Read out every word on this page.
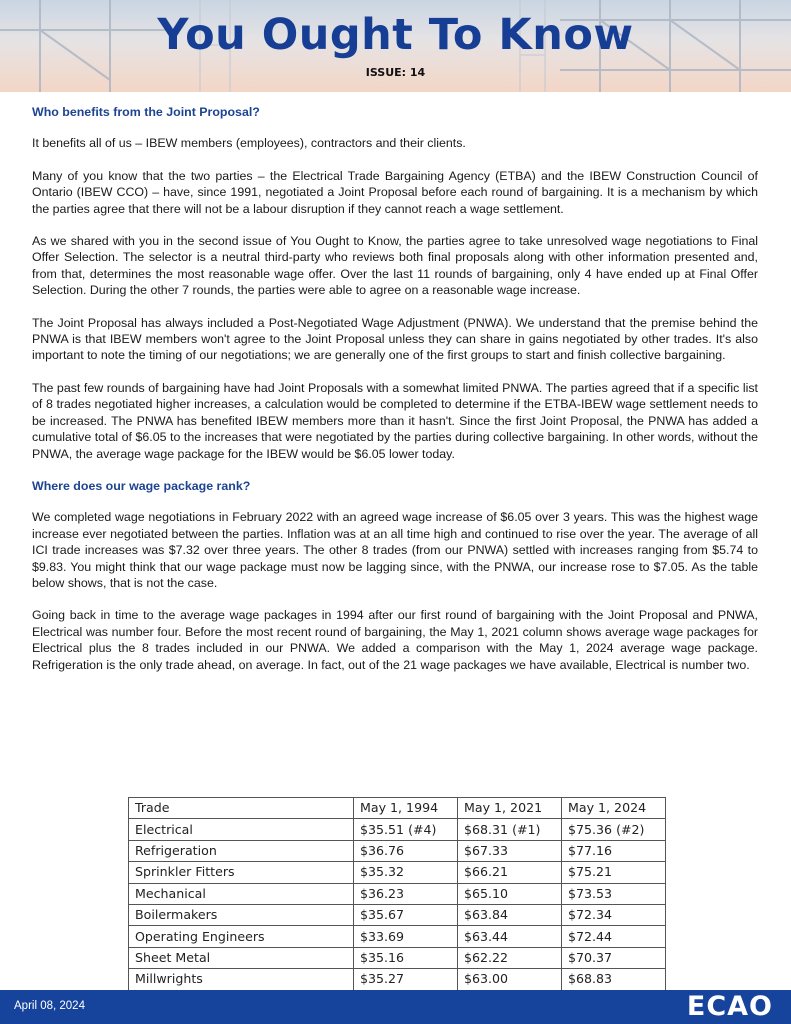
You Ought To Know
ISSUE: 14
Who benefits from the Joint Proposal?

It benefits all of us – IBEW members (employees), contractors and their clients.

Many of you know that the two parties – the Electrical Trade Bargaining Agency (ETBA) and the IBEW Construction Council of Ontario (IBEW CCO) – have, since 1991, negotiated a Joint Proposal before each round of bargaining. It is a mechanism by which the parties agree that there will not be a labour disruption if they cannot reach a wage settlement.

As we shared with you in the second issue of You Ought to Know, the parties agree to take unresolved wage negotiations to Final Offer Selection. The selector is a neutral third-party who reviews both final proposals along with other information presented and, from that, determines the most reasonable wage offer. Over the last 11 rounds of bargaining, only 4 have ended up at Final Offer Selection. During the other 7 rounds, the parties were able to agree on a reasonable wage increase.

The Joint Proposal has always included a Post-Negotiated Wage Adjustment (PNWA). We understand that the premise behind the PNWA is that IBEW members won't agree to the Joint Proposal unless they can share in gains negotiated by other trades. It's also important to note the timing of our negotiations; we are generally one of the first groups to start and finish collective bargaining.

The past few rounds of bargaining have had Joint Proposals with a somewhat limited PNWA. The parties agreed that if a specific list of 8 trades negotiated higher increases, a calculation would be completed to determine if the ETBA-IBEW wage settlement needs to be increased. The PNWA has benefited IBEW members more than it hasn't. Since the first Joint Proposal, the PNWA has added a cumulative total of $6.05 to the increases that were negotiated by the parties during collective bargaining. In other words, without the PNWA, the average wage package for the IBEW would be $6.05 lower today.

Where does our wage package rank?

We completed wage negotiations in February 2022 with an agreed wage increase of $6.05 over 3 years. This was the highest wage increase ever negotiated between the parties. Inflation was at an all time high and continued to rise over the year. The average of all ICI trade increases was $7.32 over three years. The other 8 trades (from our PNWA) settled with increases ranging from $5.74 to $9.83. You might think that our wage package must now be lagging since, with the PNWA, our increase rose to $7.05. As the table below shows, that is not the case.

Going back in time to the average wage packages in 1994 after our first round of bargaining with the Joint Proposal and PNWA, Electrical was number four. Before the most recent round of bargaining, the May 1, 2021 column shows average wage packages for Electrical plus the 8 trades included in our PNWA. We added a comparison with the May 1, 2024 average wage package. Refrigeration is the only trade ahead, on average. In fact, out of the 21 wage packages we have available, Electrical is number two.

Trade	May 1, 1994	May 1, 2021	May 1, 2024
Electrical	$35.51 (#4)	$68.31 (#1)	$75.36 (#2)
Refrigeration	$36.76	$67.33	$77.16
Sprinkler Fitters	$35.32	$66.21	$75.21
Mechanical	$36.23	$65.10	$73.53
Boilermakers	$35.67	$63.84	$72.34
Operating Engineers	$33.69	$63.44	$72.44
Sheet Metal	$35.16	$62.22	$70.37
Millwrights	$35.27	$63.00	$68.83
April 08, 2024	ECAO
